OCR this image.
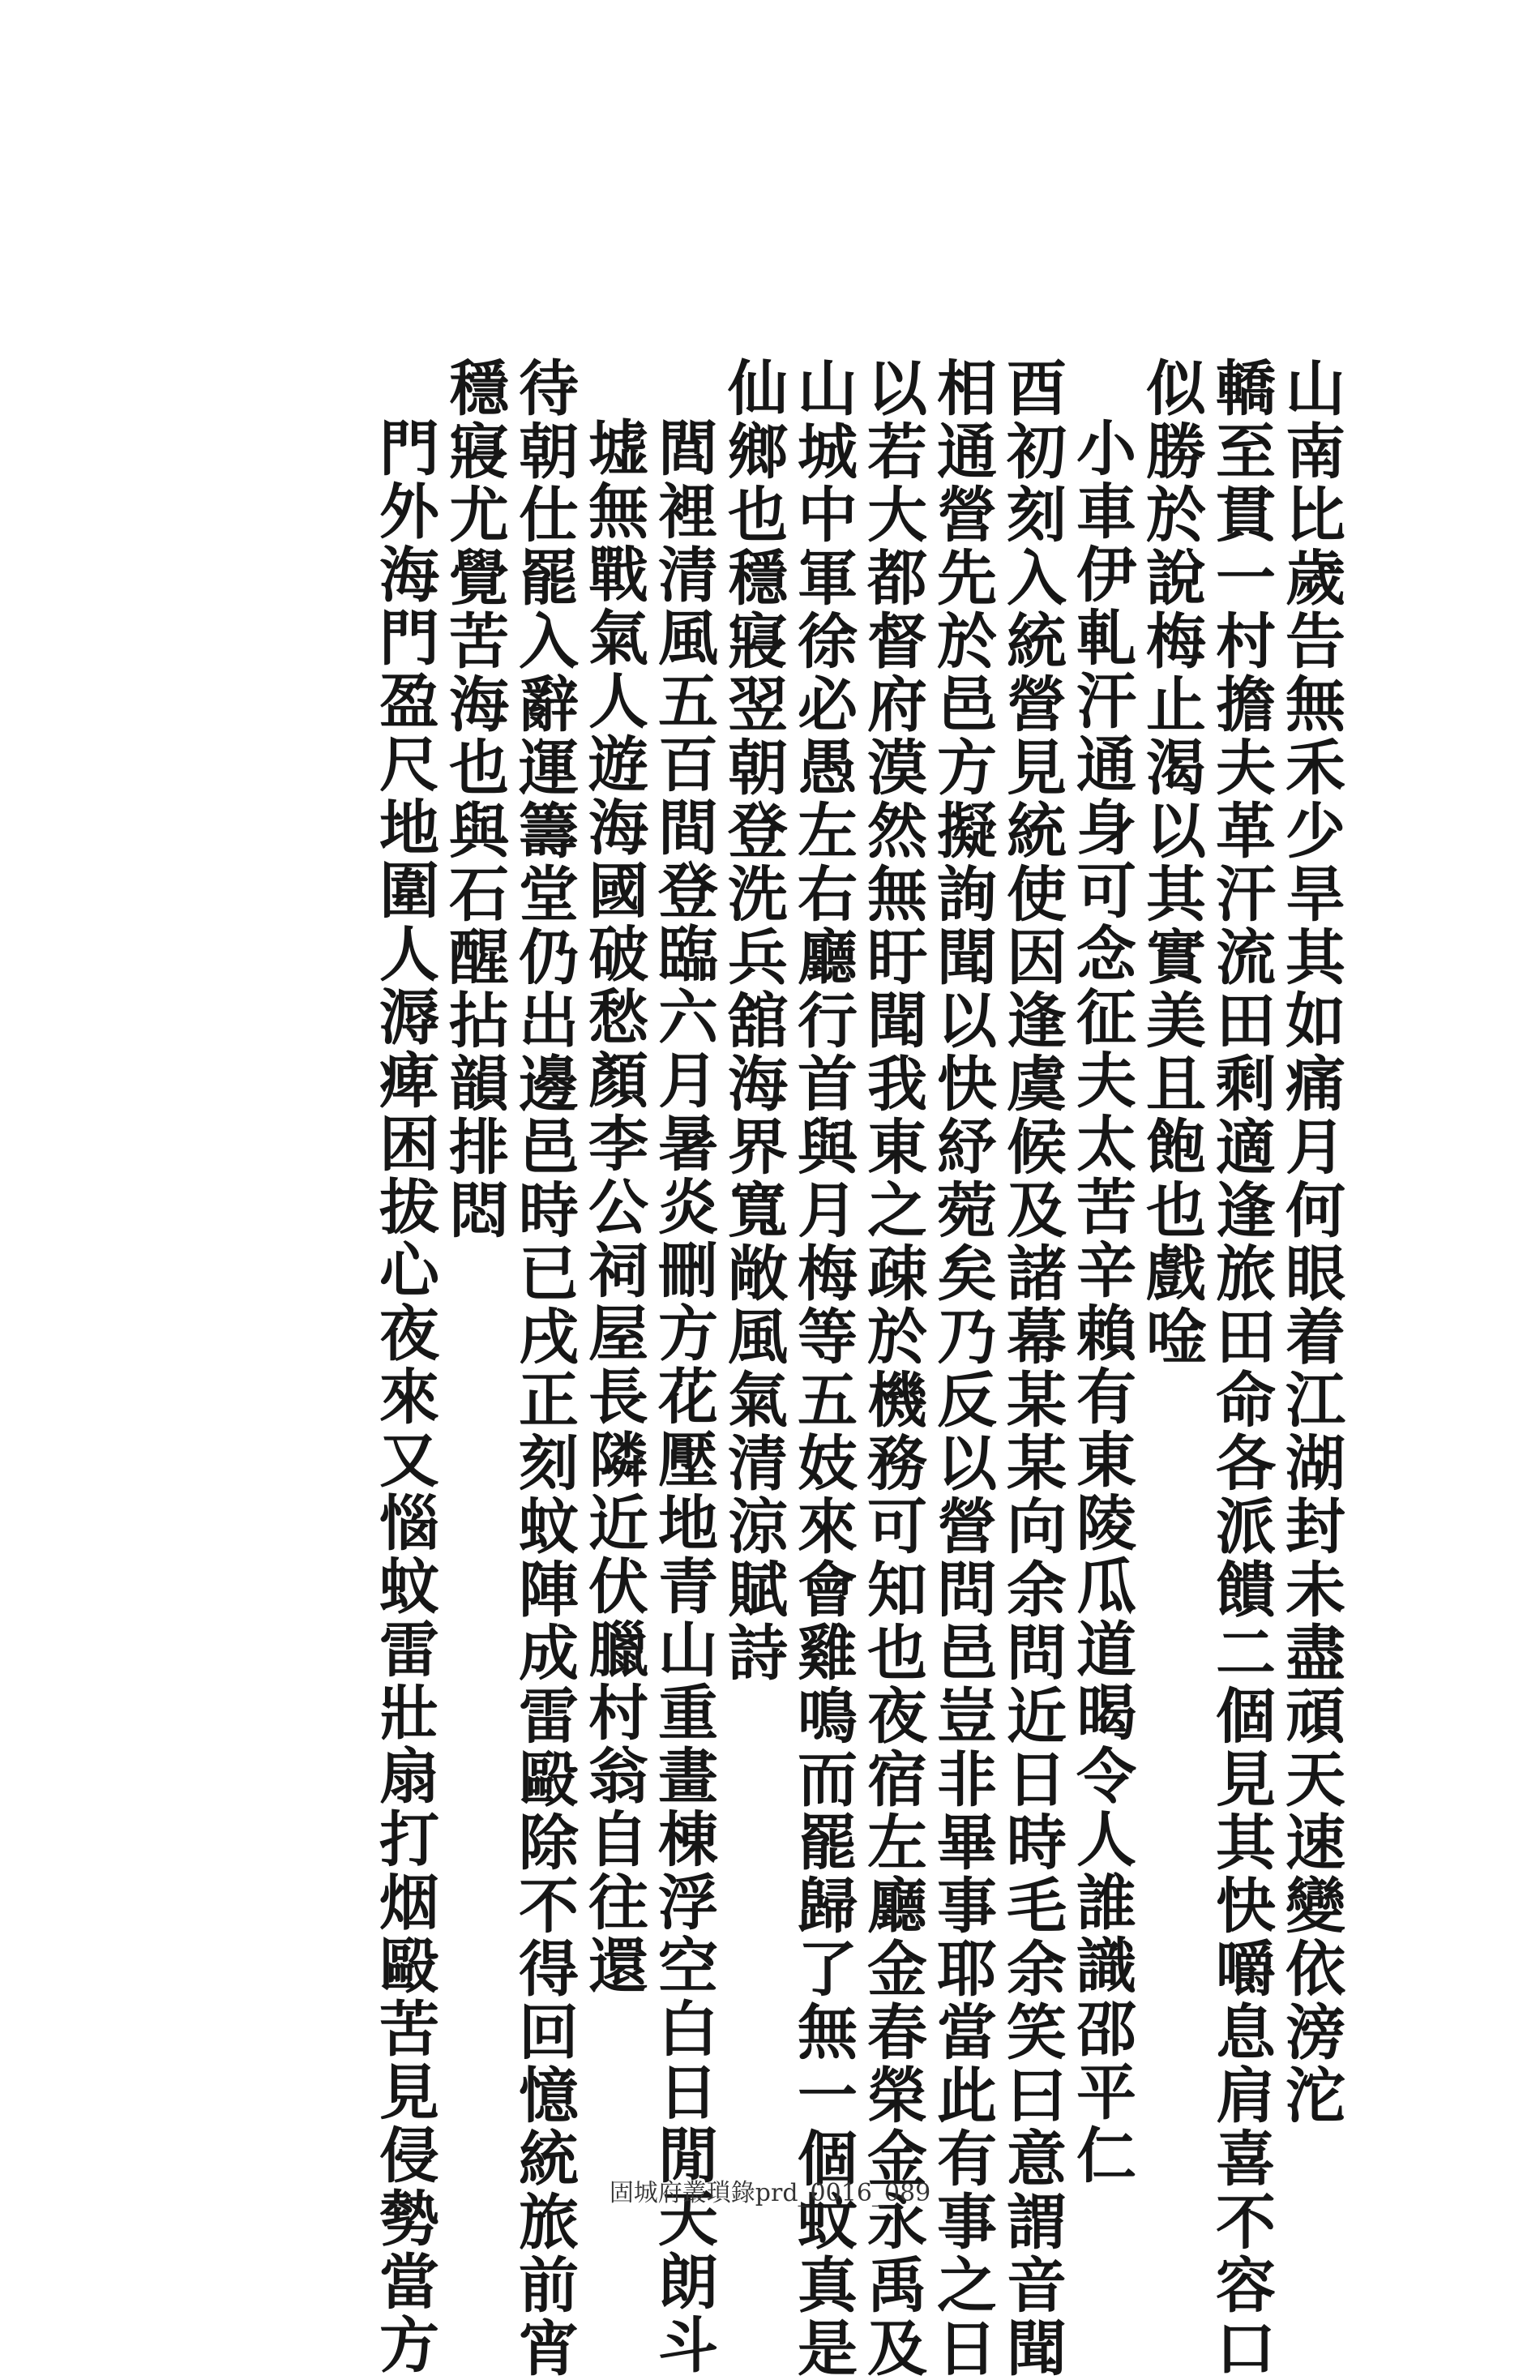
山南比歲告無禾少旱其如痛月何眼着江湖封未盡頑天速變依滂沱
轎至貫一村擔夫革汗流田剩適逢旅田命各派饋二個見其快嚼息肩喜不容口
似勝於說梅止渴以其實美且飽也戲唫
小車伊軋汗通身可念征夫太苦辛賴有東陵瓜道暍令人誰識邵平仁
酉初刻入統營見統使因逢虞候及諸幕某某向余問近日時毛余笑曰意謂音聞
相通營先於邑方擬詢聞以快紓菀矣乃反以營問邑豈非畢事耶當此有事之日
以若大都督府漠然無盱聞我東之疎於機務可知也夜宿左廳金春榮金永禹及
山城中軍徐必愚左右廳行首與月梅等五妓來會雞鳴而罷歸了無一個蚊真是
仙鄉也穩寢翌朝登洗兵舘海界寬敞風氣清涼賦詩
閭裡清風五百間登臨六月暑炎刪方花壓地青山重畫棟浮空白日閒天朗斗
墟無戰氣人遊海國破愁顏李公祠屋長隣近伏臘村翁自往還
待朝仕罷入辭運籌堂仍出邊邑時已戌正刻蚊陣成雷毆除不得回憶統旅前宵
穩寢尤覺苦海也與石醒拈韻排悶
門外海門盈尺地圍人溽痺困拔心夜來又惱蚊雷壯扇打烟毆苦見侵勢當方	固城府叢瑣錄prd_0016_089
